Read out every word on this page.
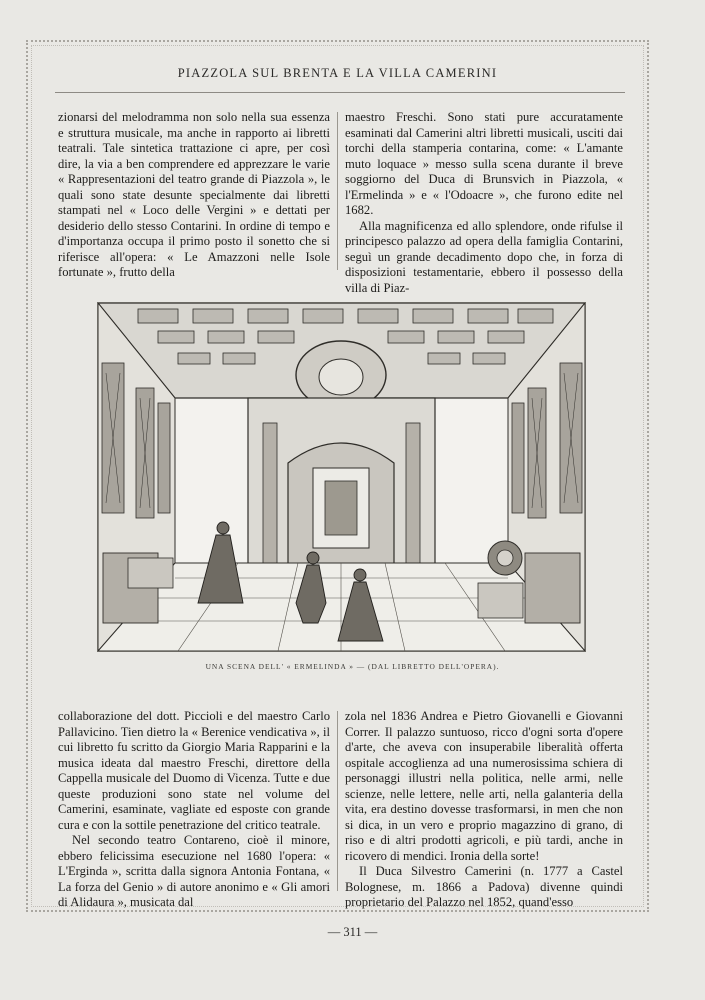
PIAZZOLA SUL BRENTA E LA VILLA CAMERINI

zionarsi del melodramma non solo nella sua essenza e struttura musicale, ma anche in rapporto ai libretti teatrali. Tale sintetica trattazione ci apre, per così dire, la via a ben comprendere ed apprezzare le varie « Rappresentazioni del teatro grande di Piazzola », le quali sono state desunte specialmente dai libretti stampati nel « Loco delle Vergini » e dettati per desiderio dello stesso Contarini. In ordine di tempo e d'importanza occupa il primo posto il sonetto che si riferisce all'opera: « Le Amazzoni nelle Isole fortunate », frutto della

maestro Freschi. Sono stati pure accuratamente esaminati dal Camerini altri libretti musicali, usciti dai torchi della stamperia contarina, come: « L'amante muto loquace » messo sulla scena durante il breve soggiorno del Duca di Brunsvich in Piazzola, « l'Ermelinda » e « l'Odoacre », che furono edite nel 1682.

Alla magnificenza ed allo splendore, onde rifulse il principesco palazzo ad opera della famiglia Contarini, seguì un grande decadimento dopo che, in forza di disposizioni testamentarie, ebbero il possesso della villa di Piaz-

UNA SCENA DELL' « ERMELINDA » — (DAL LIBRETTO DELL'OPERA).

collaborazione del dott. Piccioli e del maestro Carlo Pallavicino. Tien dietro la « Berenice vendicativa », il cui libretto fu scritto da Giorgio Maria Rapparini e la musica ideata dal maestro Freschi, direttore della Cappella musicale del Duomo di Vicenza. Tutte e due queste produzioni sono state nel volume del Camerini, esaminate, vagliate ed esposte con grande cura e con la sottile penetrazione del critico teatrale.

Nel secondo teatro Contareno, cioè il minore, ebbero felicissima esecuzione nel 1680 l'opera: « L'Erginda », scritta dalla signora Antonia Fontana, « La forza del Genio » di autore anonimo e « Gli amori di Alidaura », musicata dal

zola nel 1836 Andrea e Pietro Giovanelli e Giovanni Correr. Il palazzo suntuoso, ricco d'ogni sorta d'opere d'arte, che aveva con insuperabile liberalità offerta ospitale accoglienza ad una numerosissima schiera di personaggi illustri nella politica, nelle armi, nelle scienze, nelle lettere, nelle arti, nella galanteria della vita, era destino dovesse trasformarsi, in men che non si dica, in un vero e proprio magazzino di grano, di riso e di altri prodotti agricoli, e più tardi, anche in ricovero di mendici. Ironia della sorte!

Il Duca Silvestro Camerini (n. 1777 a Castel Bolognese, m. 1866 a Padova) divenne quindi proprietario del Palazzo nel 1852, quand'esso

— 311 —
